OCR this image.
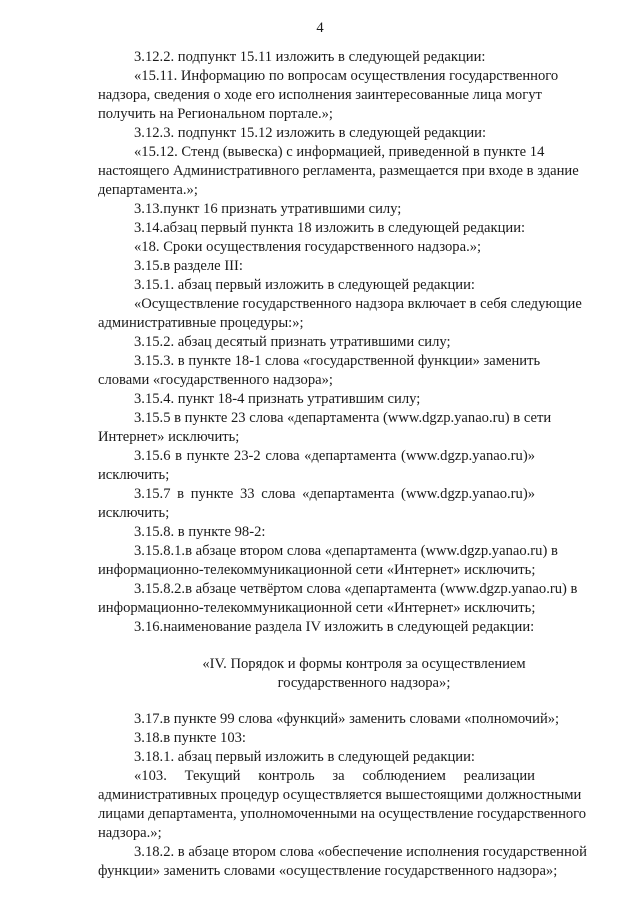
4
3.12.2. подпункт 15.11 изложить в следующей редакции:
«15.11. Информацию по вопросам осуществления государственного
надзора, сведения о ходе его исполнения заинтересованные лица могут
получить на Региональном портале.»;
3.12.3. подпункт 15.12 изложить в следующей редакции:
«15.12. Стенд (вывеска) с информацией, приведенной в пункте 14
настоящего Административного регламента, размещается при входе в здание
департамента.»;
3.13.пункт 16 признать утратившими силу;
3.14.абзац первый пункта 18 изложить в следующей редакции:
«18. Сроки осуществления государственного надзора.»;
3.15.в разделе III:
3.15.1. абзац первый изложить в следующей редакции:
«Осуществление государственного надзора включает в себя следующие
административные процедуры:»;
3.15.2. абзац десятый признать утратившими силу;
3.15.3. в пункте 18-1 слова «государственной функции» заменить
словами «государственного надзора»;
3.15.4. пункт 18-4 признать утратившим силу;
3.15.5 в пункте 23 слова «департамента (www.dgzp.yanao.ru) в сети
Интернет» исключить;
3.15.6 в пункте 23-2 слова «департамента (www.dgzp.yanao.ru)»
исключить;
3.15.7 в пункте 33 слова «департамента (www.dgzp.yanao.ru)»
исключить;
3.15.8. в пункте 98-2:
3.15.8.1.в абзаце втором слова «департамента (www.dgzp.yanao.ru) в
информационно-телекоммуникационной сети «Интернет» исключить;
3.15.8.2.в абзаце четвёртом слова «департамента (www.dgzp.yanao.ru) в
информационно-телекоммуникационной сети «Интернет» исключить;
3.16.наименование раздела IV изложить в следующей редакции:
«IV. Порядок и формы контроля за осуществлением
государственного надзора»;
3.17.в пункте 99 слова «функций» заменить словами «полномочий»;
3.18.в пункте 103:
3.18.1. абзац первый изложить в следующей редакции:
«103. Текущий контроль за соблюдением реализации
административных процедур осуществляется вышестоящими должностными
лицами департамента, уполномоченными на осуществление государственного
надзора.»;
3.18.2. в абзаце втором слова «обеспечение исполнения государственной
функции» заменить словами «осуществление государственного надзора»;
